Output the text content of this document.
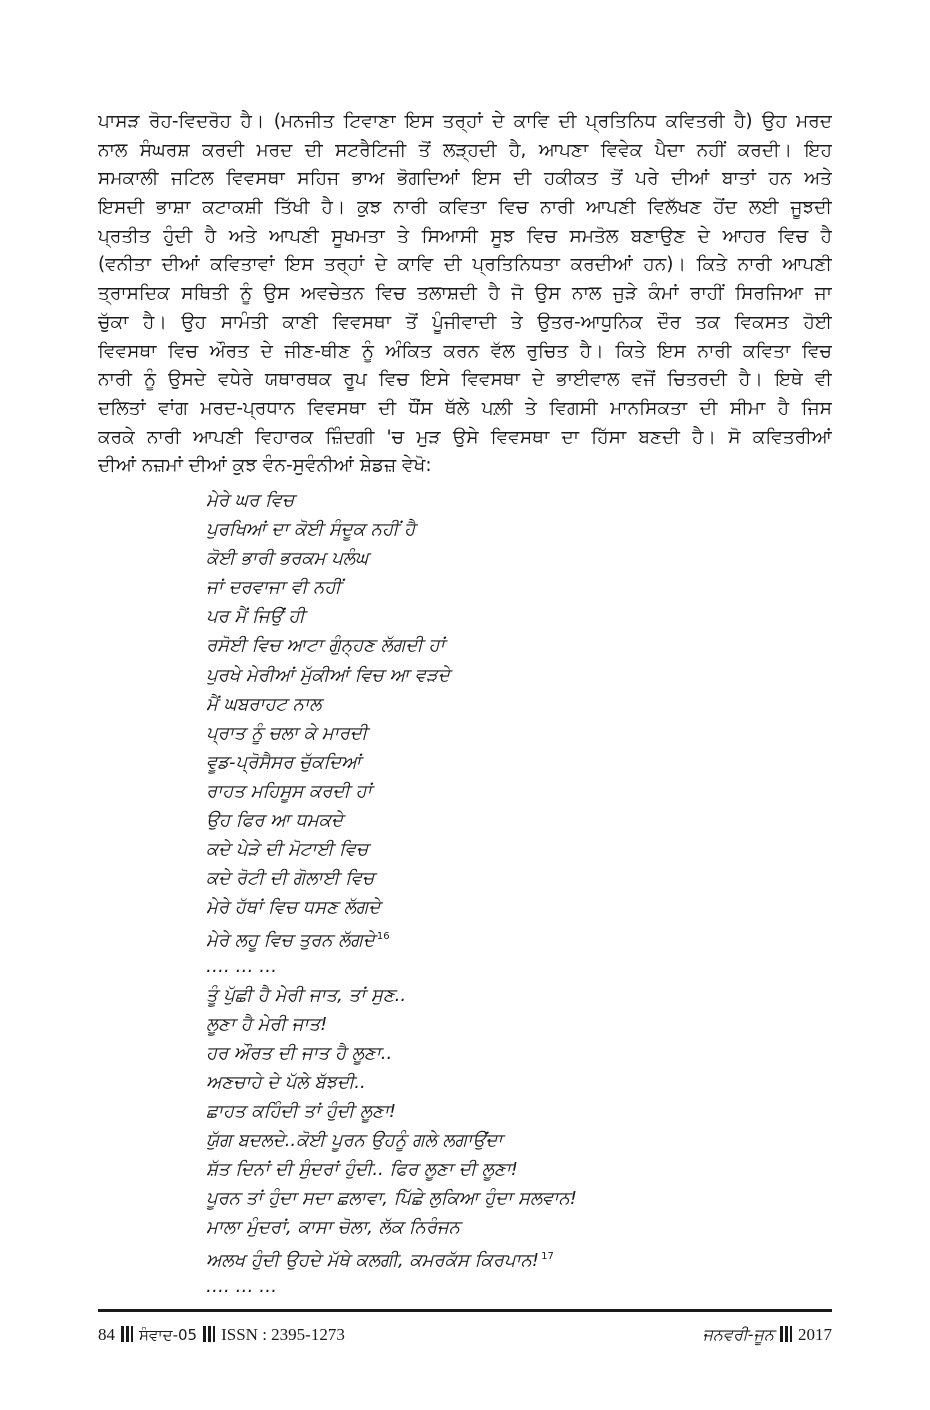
ਪਾਸੜ ਰੋਹ-ਵਿਦਰੋਹ ਹੈ। (ਮਨਜੀਤ ਟਿਵਾਣਾ ਇਸ ਤਰ੍ਹਾਂ ਦੇ ਕਾਵਿ ਦੀ ਪ੍ਰਤਿਨਿਧ ਕਵਿਤਰੀ ਹੈ) ਉਹ ਮਰਦ
ਨਾਲ ਸੰਘਰਸ਼ ਕਰਦੀ ਮਰਦ ਦੀ ਸਟਰੈਟਿਜੀ ਤੋਂ ਲੜ੍ਹਦੀ ਹੈ, ਆਪਣਾ ਵਿਵੇਕ ਪੈਦਾ ਨਹੀਂ ਕਰਦੀ। ਇਹ
ਸਮਕਾਲੀ ਜਟਿਲ ਵਿਵਸਥਾ ਸਹਿਜ ਭਾਅ ਭੋਗਦਿਆਂ ਇਸ ਦੀ ਹਕੀਕਤ ਤੋਂ ਪਰੇ ਦੀਆਂ ਬਾਤਾਂ ਹਨ ਅਤੇ
ਇਸਦੀ ਭਾਸ਼ਾ ਕਟਾਕਸ਼ੀ ਤਿੱਖੀ ਹੈ। ਕੁਝ ਨਾਰੀ ਕਵਿਤਾ ਵਿਚ ਨਾਰੀ ਆਪਣੀ ਵਿਲੱਖਣ ਹੋਂਦ ਲਈ ਜੂਝਦੀ
ਪ੍ਰਤੀਤ ਹੁੰਦੀ ਹੈ ਅਤੇ ਆਪਣੀ ਸੂਖਮਤਾ ਤੇ ਸਿਆਸੀ ਸੂਝ ਵਿਚ ਸਮਤੋਲ ਬਣਾਉਣ ਦੇ ਆਹਰ ਵਿਚ ਹੈ
(ਵਨੀਤਾ ਦੀਆਂ ਕਵਿਤਾਵਾਂ ਇਸ ਤਰ੍ਹਾਂ ਦੇ ਕਾਵਿ ਦੀ ਪ੍ਰਤਿਨਿਧਤਾ ਕਰਦੀਆਂ ਹਨ)। ਕਿਤੇ ਨਾਰੀ ਆਪਣੀ
ਤ੍ਰਾਸਦਿਕ ਸਥਿਤੀ ਨੂੰ ਉਸ ਅਵਚੇਤਨ ਵਿਚ ਤਲਾਸ਼ਦੀ ਹੈ ਜੋ ਉਸ ਨਾਲ ਜੁੜੇ ਕੰਮਾਂ ਰਾਹੀਂ ਸਿਰਜਿਆ ਜਾ
ਚੁੱਕਾ ਹੈ। ਉਹ ਸਾਮੰਤੀ ਕਾਣੀ ਵਿਵਸਥਾ ਤੋਂ ਪੂੰਜੀਵਾਦੀ ਤੇ ਉਤਰ-ਆਧੁਨਿਕ ਦੌਰ ਤਕ ਵਿਕਸਤ ਹੋਈ
ਵਿਵਸਥਾ ਵਿਚ ਔਰਤ ਦੇ ਜੀਣ-ਥੀਣ ਨੂੰ ਅੰਕਿਤ ਕਰਨ ਵੱਲ ਰੁਚਿਤ ਹੈ। ਕਿਤੇ ਇਸ ਨਾਰੀ ਕਵਿਤਾ ਵਿਚ
ਨਾਰੀ ਨੂੰ ਉਸਦੇ ਵਧੇਰੇ ਯਥਾਰਥਕ ਰੂਪ ਵਿਚ ਇਸੇ ਵਿਵਸਥਾ ਦੇ ਭਾਈਵਾਲ ਵਜੋਂ ਚਿਤਰਦੀ ਹੈ। ਇਥੇ ਵੀ
ਦਲਿਤਾਂ ਵਾਂਗ ਮਰਦ-ਪ੍ਰਧਾਨ ਵਿਵਸਥਾ ਦੀ ਧੌਂਸ ਥੱਲੇ ਪਲ਼ੀ ਤੇ ਵਿਗਸੀ ਮਾਨਸਿਕਤਾ ਦੀ ਸੀਮਾ ਹੈ ਜਿਸ
ਕਰਕੇ ਨਾਰੀ ਆਪਣੀ ਵਿਹਾਰਕ ਜ਼ਿੰਦਗੀ 'ਚ ਮੁੜ ਉਸੇ ਵਿਵਸਥਾ ਦਾ ਹਿੱਸਾ ਬਣਦੀ ਹੈ। ਸੋ ਕਵਿਤਰੀਆਂ
ਦੀਆਂ ਨਜ਼ਮਾਂ ਦੀਆਂ ਕੁਝ ਵੰਨ-ਸੁਵੰਨੀਆਂ ਸ਼ੇਡਜ਼ ਵੇਖੋ:
ਮੇਰੇ ਘਰ ਵਿਚ
ਪੁਰਖਿਆਂ ਦਾ ਕੋਈ ਸੰਦੂਕ ਨਹੀਂ ਹੈ
ਕੋਈ ਭਾਰੀ ਭਰਕਮ ਪਲੰਘ
ਜਾਂ ਦਰਵਾਜਾ ਵੀ ਨਹੀਂ
ਪਰ ਮੈਂ ਜਿਉਂ ਹੀ
ਰਸੋਈ ਵਿਚ ਆਟਾ ਗੁੰਨ੍ਹਣ ਲੱਗਦੀ ਹਾਂ
ਪੁਰਖੇ ਮੇਰੀਆਂ ਮੁੱਕੀਆਂ ਵਿਚ ਆ ਵੜਦੇ
ਮੈਂ ਘਬਰਾਹਟ ਨਾਲ
ਪ੍ਰਾਤ ਨੂੰ ਚਲਾ ਕੇ ਮਾਰਦੀ
ਵੂਡ-ਪ੍ਰੋਸੈਸਰ ਚੁੱਕਦਿਆਂ
ਰਾਹਤ ਮਹਿਸੂਸ ਕਰਦੀ ਹਾਂ
ਉਹ ਫਿਰ ਆ ਧਮਕਦੇ
ਕਦੇ ਪੇੜੇ ਦੀ ਮੋਟਾਈ ਵਿਚ
ਕਦੇ ਰੋਟੀ ਦੀ ਗੋਲਾਈ ਵਿਚ
ਮੇਰੇ ਹੱਥਾਂ ਵਿਚ ਧਸਣ ਲੱਗਦੇ
ਮੇਰੇ ਲਹੂ ਵਿਚ ਤੁਰਨ ਲੱਗਦੇ $^{16}$
…. … …
ਤੂੰ ਪੁੱਛੀ ਹੈ ਮੇਰੀ ਜਾਤ, ਤਾਂ ਸੁਣ..
ਲੂਣਾ ਹੈ ਮੇਰੀ ਜਾਤ!
ਹਰ ਔਰਤ ਦੀ ਜਾਤ ਹੈ ਲੂਣਾ..
ਅਣਚਾਹੇ ਦੇ ਪੱਲੇ ਬੱਝਦੀ..
ਛਾਹਤ ਕਹਿੰਦੀ ਤਾਂ ਹੁੰਦੀ ਲੂਣਾ!
ਯੁੱਗ ਬਦਲਦੇ..ਕੋਈ ਪੂਰਨ ਉਹਨੂੰ ਗਲੇ ਲਗਾਉਂਦਾ
ਸ਼ੱਤ ਦਿਨਾਂ ਦੀ ਸੁੰਦਰਾਂ ਹੁੰਦੀ.. ਫਿਰ ਲੂਣਾ ਦੀ ਲੂਣਾ!
ਪੂਰਨ ਤਾਂ ਹੁੰਦਾ ਸਦਾ ਛਲਾਵਾ, ਪਿੱਛੇ ਲੁਕਿਆ ਹੁੰਦਾ ਸਲਵਾਨ!
ਮਾਲਾ ਮੁੰਦਰਾਂ, ਕਾਸਾ ਚੋਲਾ, ਲੱਕ ਨਿਰੰਜਨ
ਅਲਖ ਹੁੰਦੀ ਉਹਦੇ ਮੱਥੇ ਕਲਗੀ, ਕਮਰਕੱਸ ਕਿਰਪਾਨ! $^{17}$
…. … …
84 ਸੰਵਾਦ-05 ISSN : 2395-1273	ਜਨਵਰੀ-ਜੂਨ 2017
